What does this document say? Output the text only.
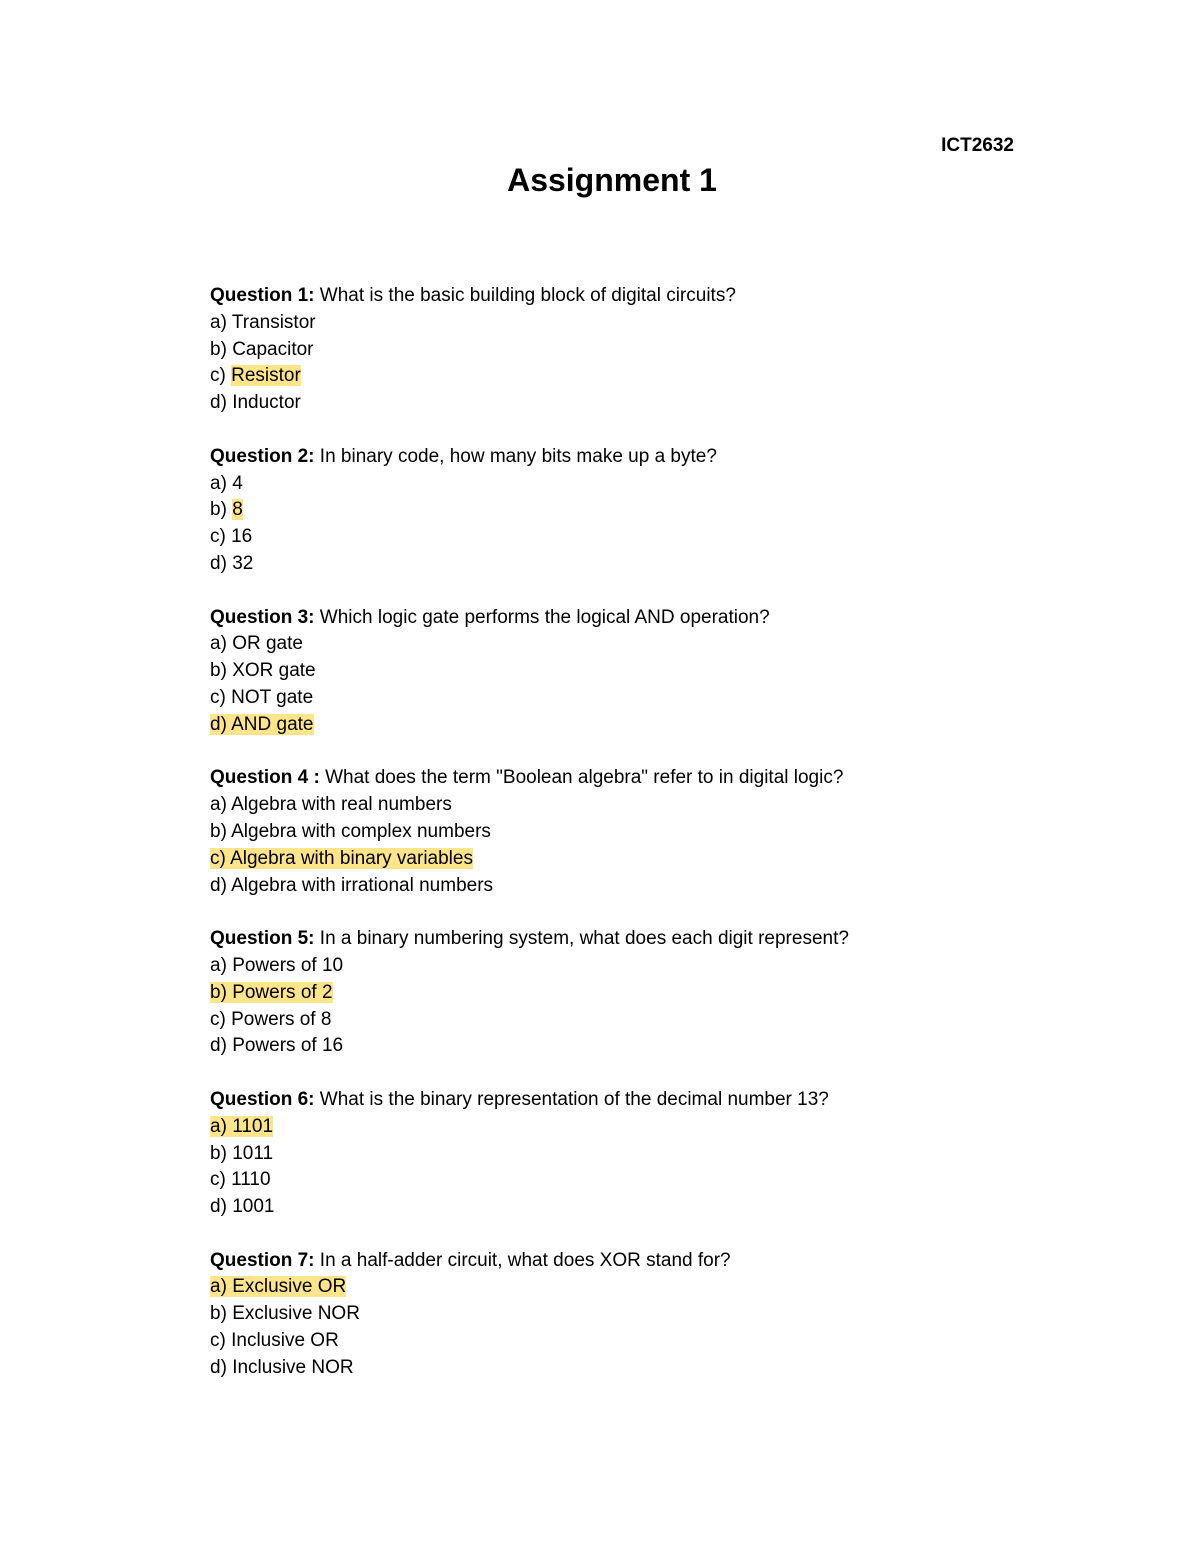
ICT2632
Assignment 1
Question 1: What is the basic building block of digital circuits?
a) Transistor
b) Capacitor
c) Resistor
d) Inductor
Question 2: In binary code, how many bits make up a byte?
a) 4
b) 8
c) 16
d) 32
Question 3: Which logic gate performs the logical AND operation?
a) OR gate
b) XOR gate
c) NOT gate
d) AND gate
Question 4 : What does the term "Boolean algebra" refer to in digital logic?
a) Algebra with real numbers
b) Algebra with complex numbers
c) Algebra with binary variables
d) Algebra with irrational numbers
Question 5: In a binary numbering system, what does each digit represent?
a) Powers of 10
b) Powers of 2
c) Powers of 8
d) Powers of 16
Question 6: What is the binary representation of the decimal number 13?
a) 1101
b) 1011
c) 1110
d) 1001
Question 7: In a half-adder circuit, what does XOR stand for?
a) Exclusive OR
b) Exclusive NOR
c) Inclusive OR
d) Inclusive NOR
